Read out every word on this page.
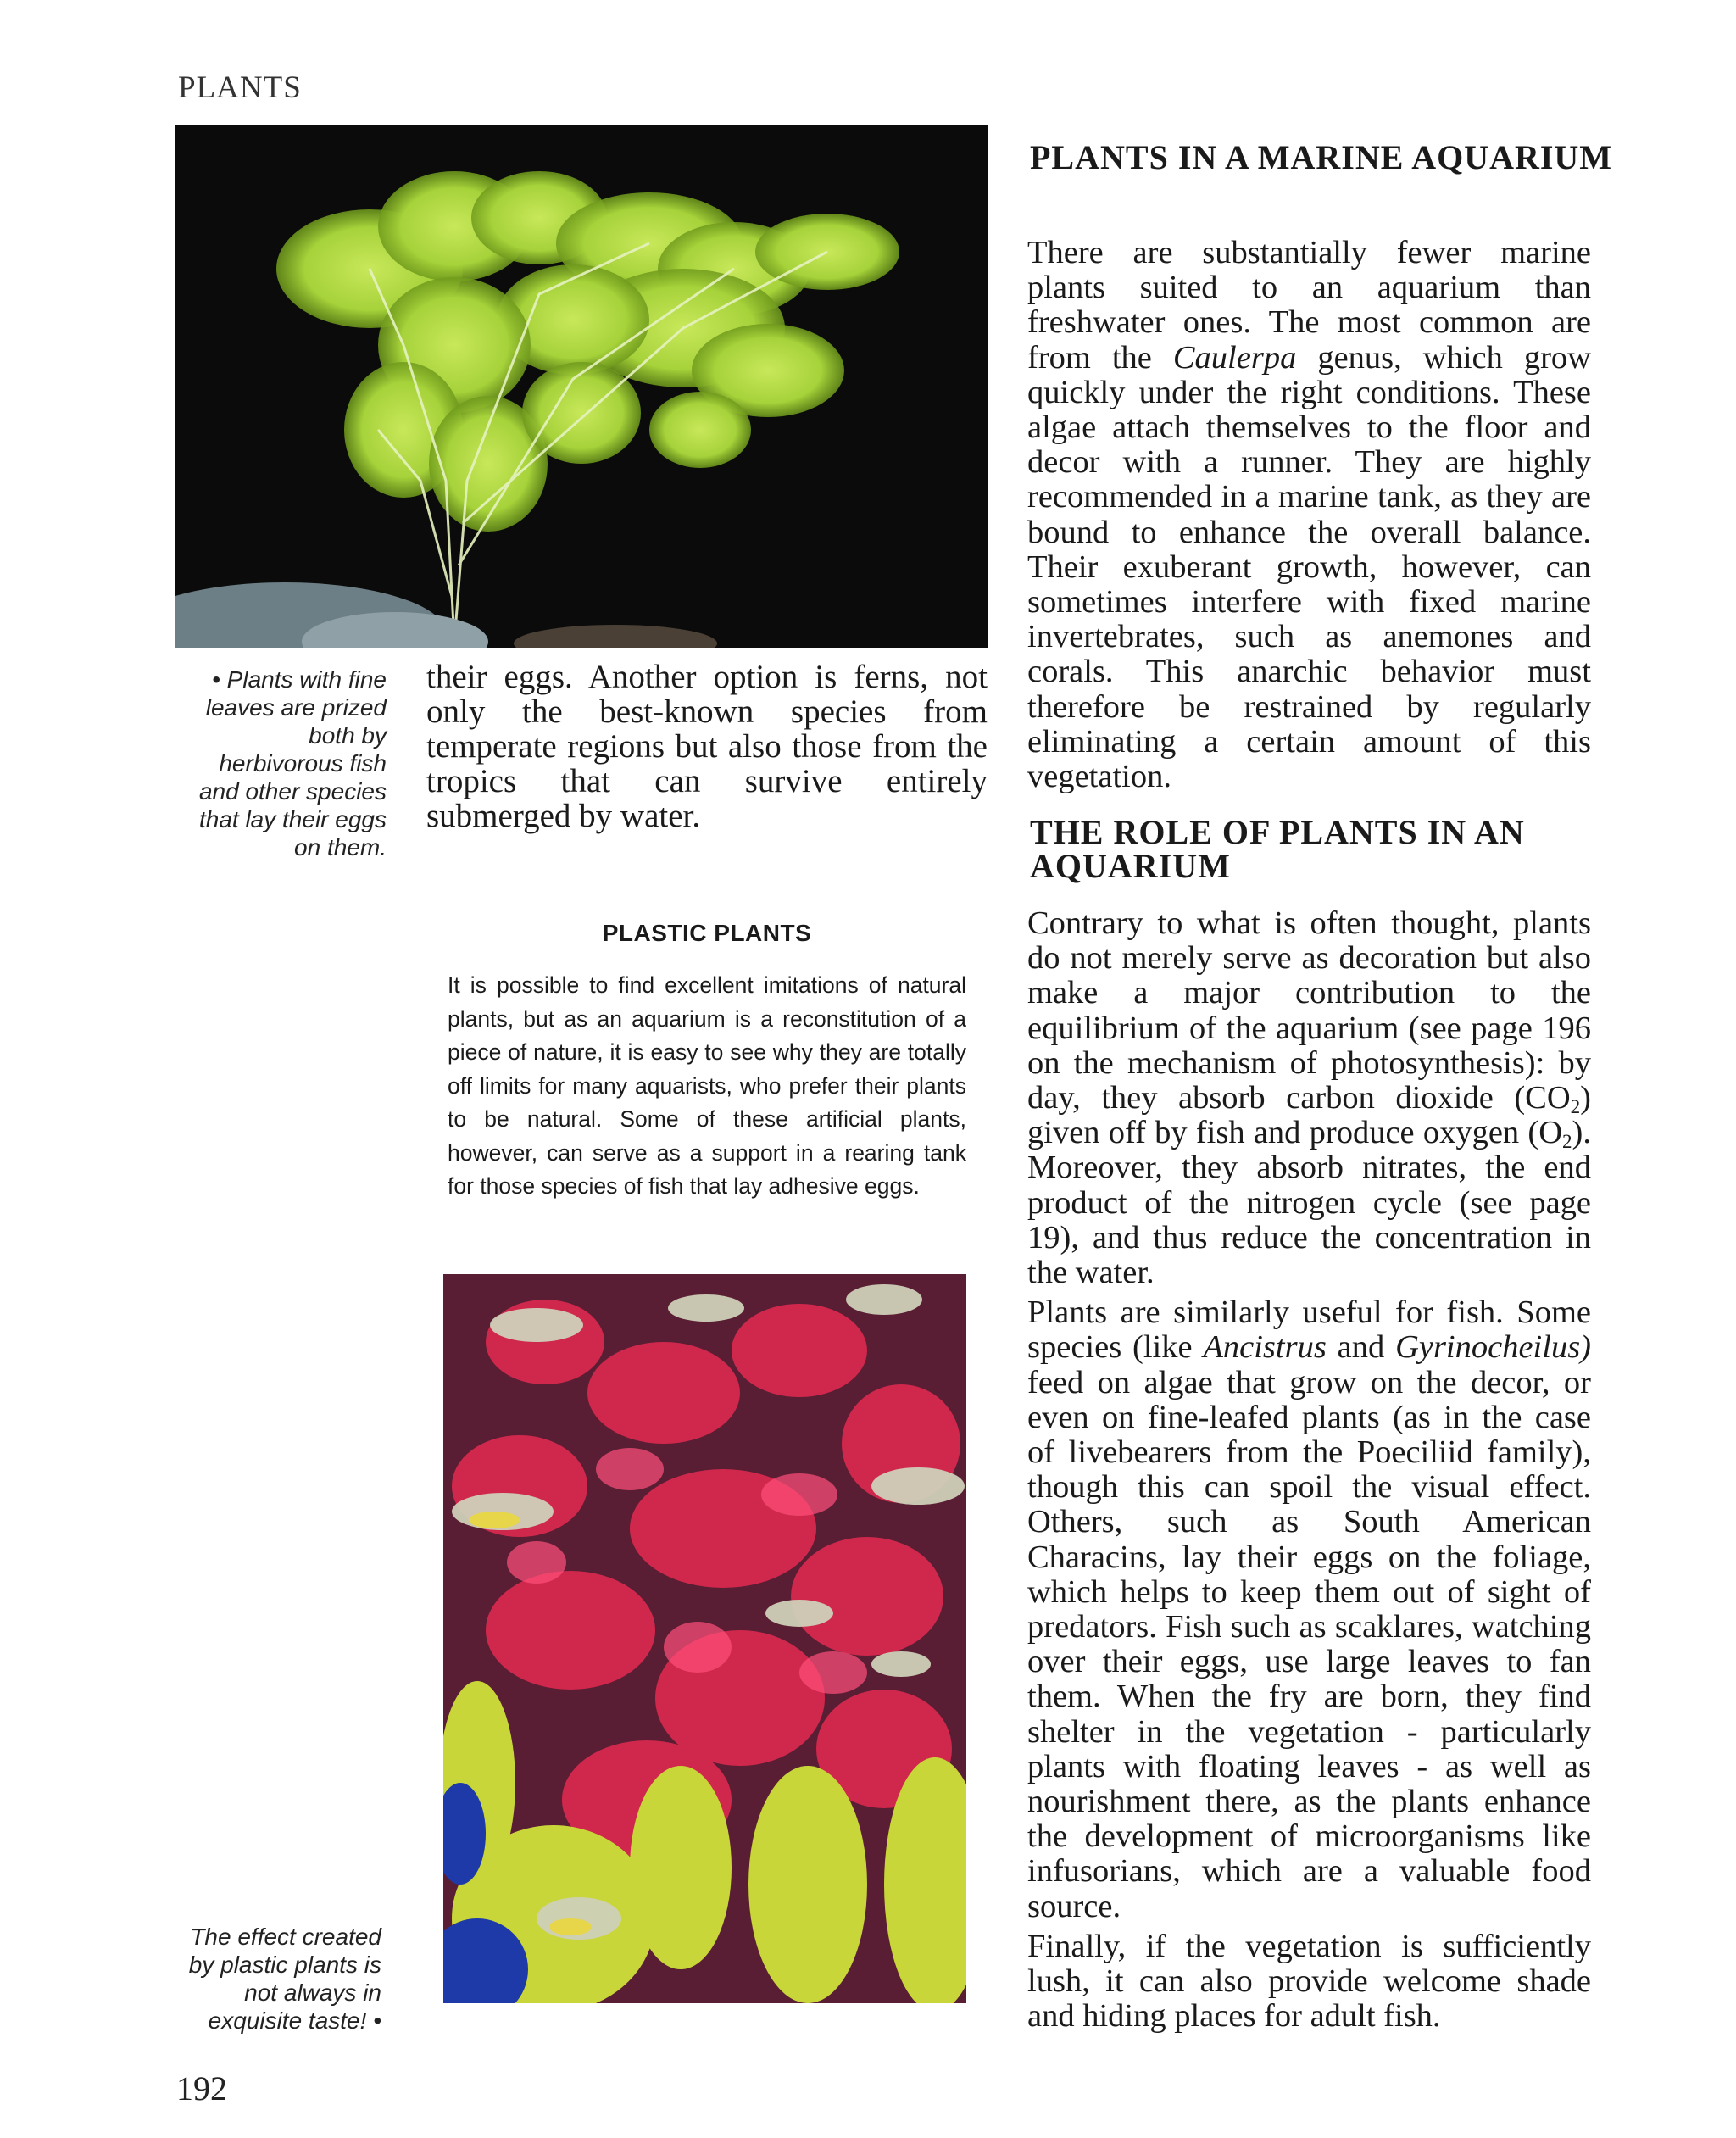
PLANTS
• Plants with fine leaves are prized both by herbivorous fish and other species that lay their eggs on them.
their eggs. Another option is ferns, not only the best-known species from temperate regions but also those from the tropics that can survive entirely submerged by water.
PLASTIC PLANTS
It is possible to find excellent imitations of natural plants, but as an aquarium is a reconstitution of a piece of nature, it is easy to see why they are totally off limits for many aquarists, who prefer their plants to be natural. Some of these artificial plants, however, can serve as a support in a rearing tank for those species of fish that lay adhesive eggs.
The effect created by plastic plants is not always in exquisite taste! •
PLANTS IN A MARINE AQUARIUM

There are substantially fewer marine plants suited to an aquarium than freshwater ones. The most common are from the Caulerpa genus, which grow quickly under the right conditions. These algae attach themselves to the floor and decor with a runner. They are highly recommended in a marine tank, as they are bound to enhance the overall balance. Their exuberant growth, however, can sometimes interfere with fixed marine invertebrates, such as anemones and corals. This anarchic behavior must therefore be restrained by regularly eliminating a certain amount of this vegetation.

THE ROLE OF PLANTS IN AN AQUARIUM

Contrary to what is often thought, plants do not merely serve as decoration but also make a major contribution to the equilibrium of the aquarium (see page 196 on the mechanism of photosynthesis): by day, they absorb carbon dioxide $(CO_2)$ given off by fish and produce oxygen $(O_2)$. Moreover, they absorb nitrates, the end product of the nitrogen cycle (see page 19), and thus reduce the concentration in the water.

Plants are similarly useful for fish. Some species (like Ancistrus and Gyrinocheilus) feed on algae that grow on the decor, or even on fine-leafed plants (as in the case of livebearers from the Poeciliid family), though this can spoil the visual effect. Others, such as South American Characins, lay their eggs on the foliage, which helps to keep them out of sight of predators. Fish such as scaklares, watching over their eggs, use large leaves to fan them. When the fry are born, they find shelter in the vegetation - particularly plants with floating leaves - as well as nourishment there, as the plants enhance the development of microorganisms like infusorians, which are a valuable food source.

Finally, if the vegetation is sufficiently lush, it can also provide welcome shade and hiding places for adult fish.

192
